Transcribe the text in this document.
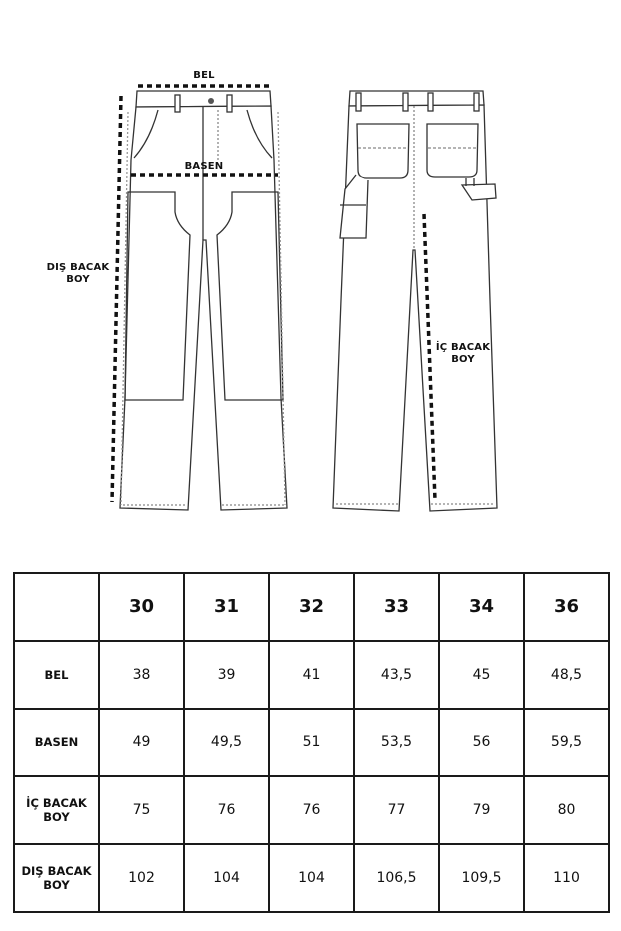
BEL
BASEN
DIŞ BACAK
BOY
İÇ BACAK
BOY
	30	31	32	33	34	36

BEL	38	39	41	43,5	45	48,5

BASEN	49	49,5	51	53,5	56	59,5

İÇ BACAK
BOY	75	76	76	77	79	80

DIŞ BACAK
BOY	102	104	104	106,5	109,5	110
